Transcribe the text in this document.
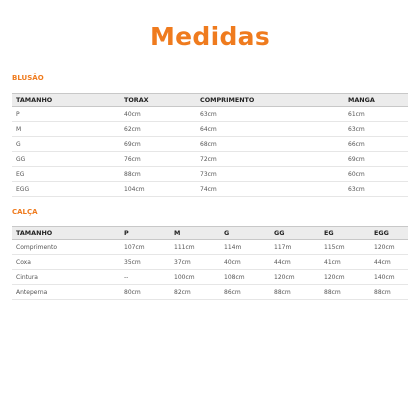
Medidas
BLUSÃO
TAMANHO	TORAX	COMPRIMENTO	MANGA
P	40cm	63cm	61cm
M	62cm	64cm	63cm
G	69cm	68cm	66cm
GG	76cm	72cm	69cm
EG	88cm	73cm	60cm
EGG	104cm	74cm	63cm
CALÇA
TAMANHO	P	M	G	GG	EG	EGG
Comprimento	107cm	111cm	114m	117m	115cm	120cm
Coxa	35cm	37cm	40cm	44cm	41cm	44cm
Cintura	--	100cm	108cm	120cm	120cm	140cm
Anteperna	80cm	82cm	86cm	88cm	88cm	88cm
